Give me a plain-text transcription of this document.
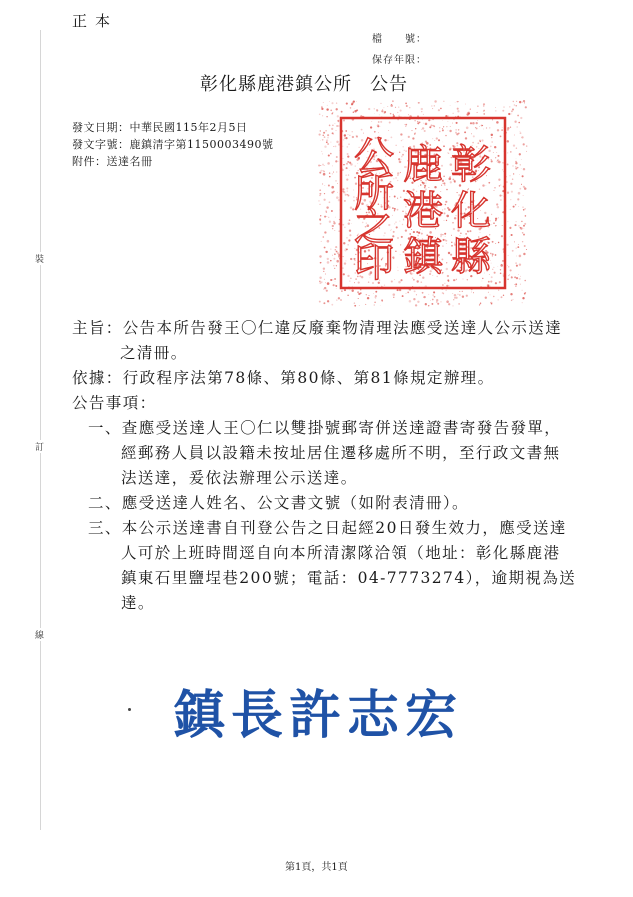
正本
檔　　號：
保存年限：
彰化縣鹿港鎮公所 公告
發文日期：中華民國115年2月5日
發文字號：鹿鎮清字第1150003490號
附件：送達名冊
裝
訂
線
彰
化
縣
鹿
港
鎮
公
所
之
印
主旨：公告本所告發王〇仁違反廢棄物清理法應受送達人公示送達
之清冊。
依據：行政程序法第78條、第80條、第81條規定辦理。
公告事項：
一、查應受送達人王〇仁以雙掛號郵寄併送達證書寄發告發單，
經郵務人員以設籍未按址居住遷移處所不明，至行政文書無
法送達，爰依法辦理公示送達。
二、應受送達人姓名、公文書文號（如附表清冊）。
三、本公示送達書自刊登公告之日起經20日發生效力，應受送達
人可於上班時間逕自向本所清潔隊洽領（地址：彰化縣鹿港
鎮東石里鹽埕巷200號；電話：04-7773274），逾期視為送
達。
鎮長許志宏
第1頁，共1頁
